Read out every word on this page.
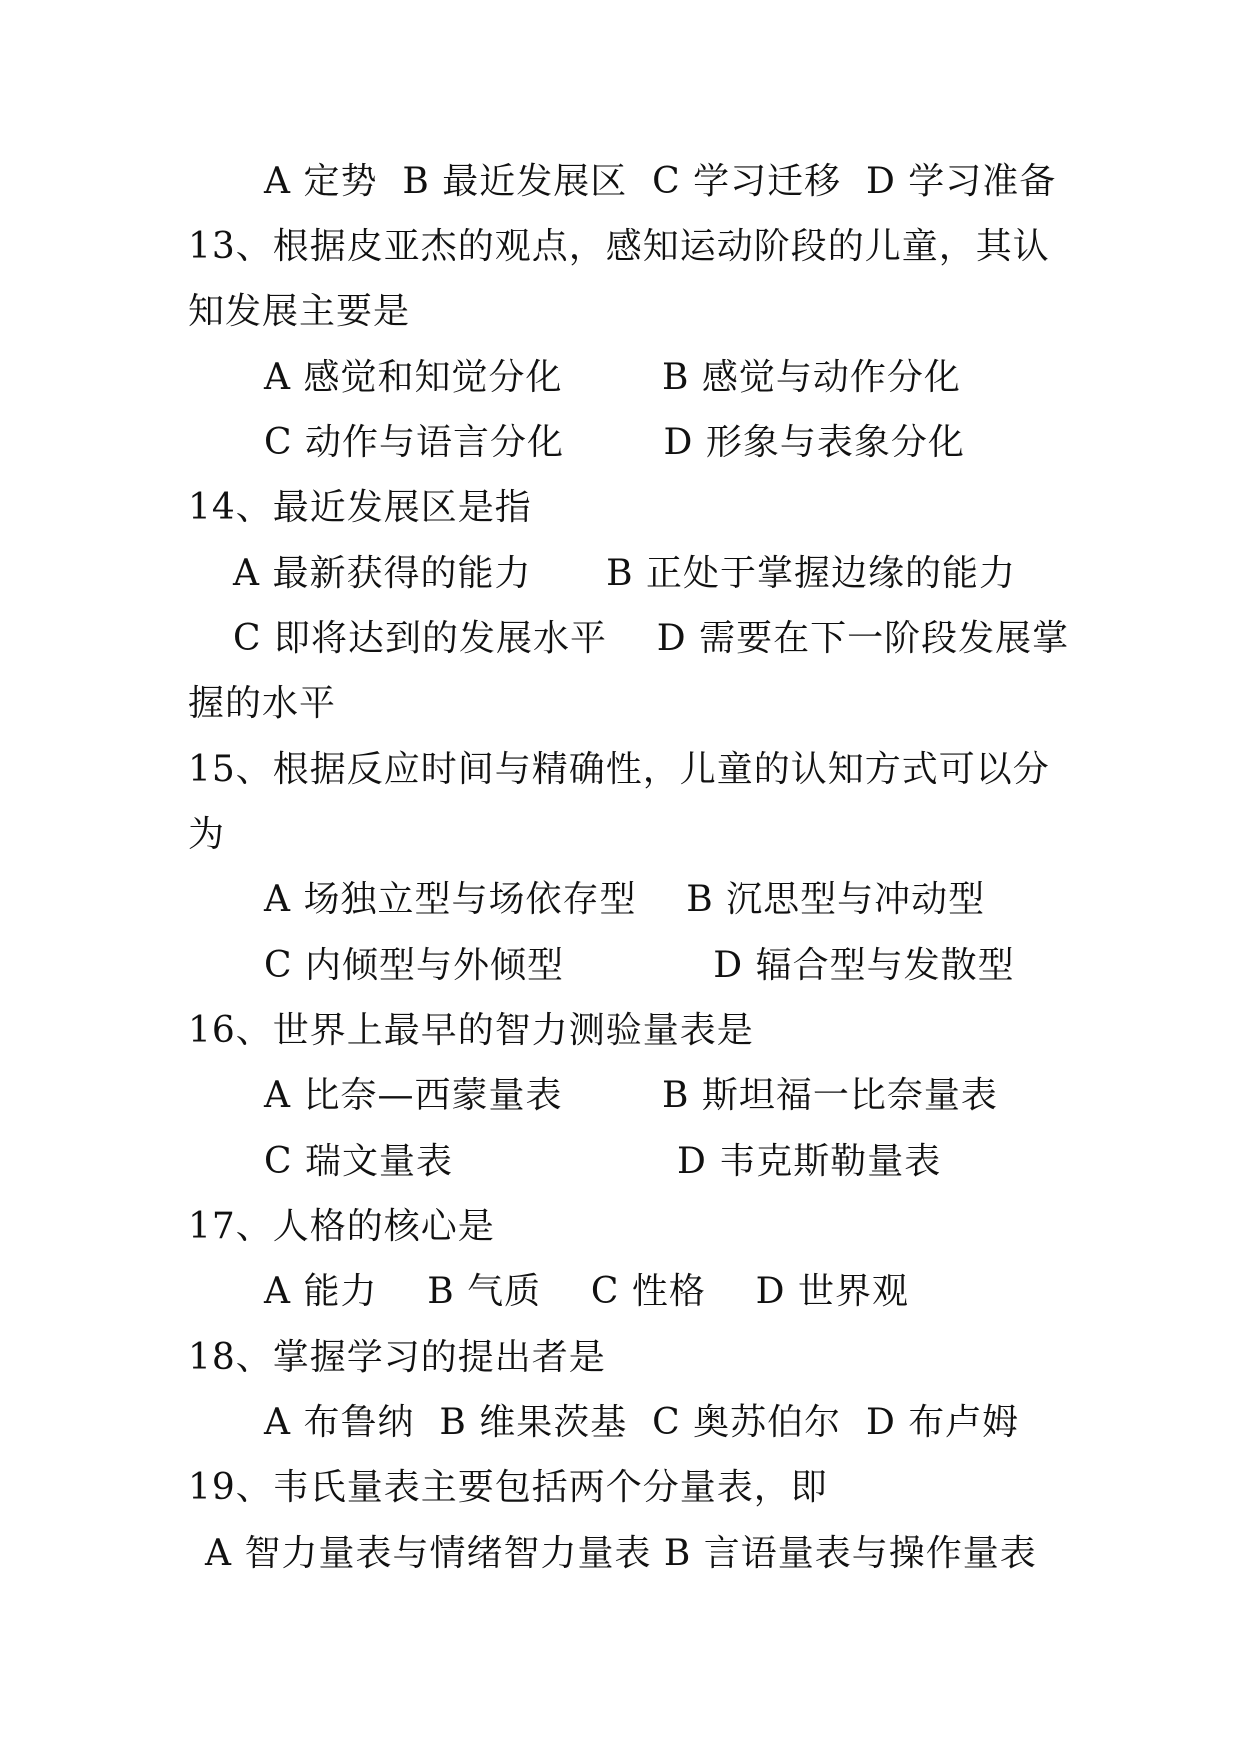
A 定势  B 最近发展区  C 学习迁移  D 学习准备
13、根据皮亚杰的观点，感知运动阶段的儿童，其认
知发展主要是
A 感觉和知觉分化        B 感觉与动作分化
C 动作与语言分化        D 形象与表象分化
14、最近发展区是指
A 最新获得的能力      B 正处于掌握边缘的能力
C 即将达到的发展水平    D 需要在下一阶段发展掌
握的水平
15、根据反应时间与精确性，儿童的认知方式可以分
为
A 场独立型与场依存型    B 沉思型与冲动型
C 内倾型与外倾型            D 辐合型与发散型
16、世界上最早的智力测验量表是
A 比奈—西蒙量表        B 斯坦福一比奈量表
C 瑞文量表                  D 韦克斯勒量表
17、人格的核心是
A 能力    B 气质    C 性格    D 世界观
18、掌握学习的提出者是
A 布鲁纳  B 维果茨基  C 奥苏伯尔  D 布卢姆
19、韦氏量表主要包括两个分量表，即
A 智力量表与情绪智力量表 B 言语量表与操作量表
